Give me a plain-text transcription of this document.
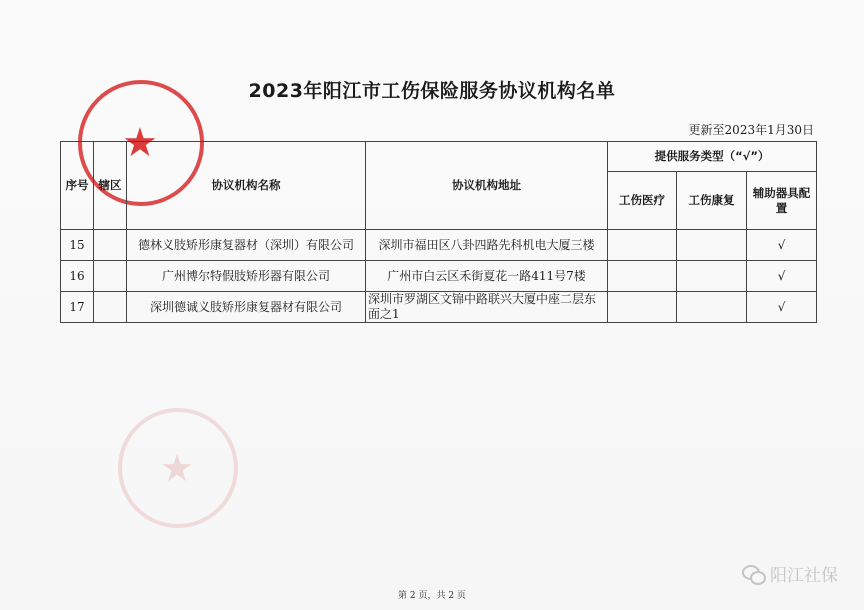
★
2023年阳江市工伤保险服务协议机构名单
更新至2023年1月30日
序号	辖区	协议机构名称	协议机构地址	提供服务类型（“√”）		
				工伤医疗	工伤康复	辅助器具配置
15		德林义肢矫形康复器材（深圳）有限公司	深圳市福田区八卦四路先科机电大厦三楼			√
16		广州博尔特假肢矫形器有限公司	广州市白云区禾街夏花一路411号7楼			√
17		深圳德诚义肢矫形康复器材有限公司	深圳市罗湖区文锦中路联兴大厦中座二层东面之1			√
★
阳江社保
第 2 页，共 2 页
